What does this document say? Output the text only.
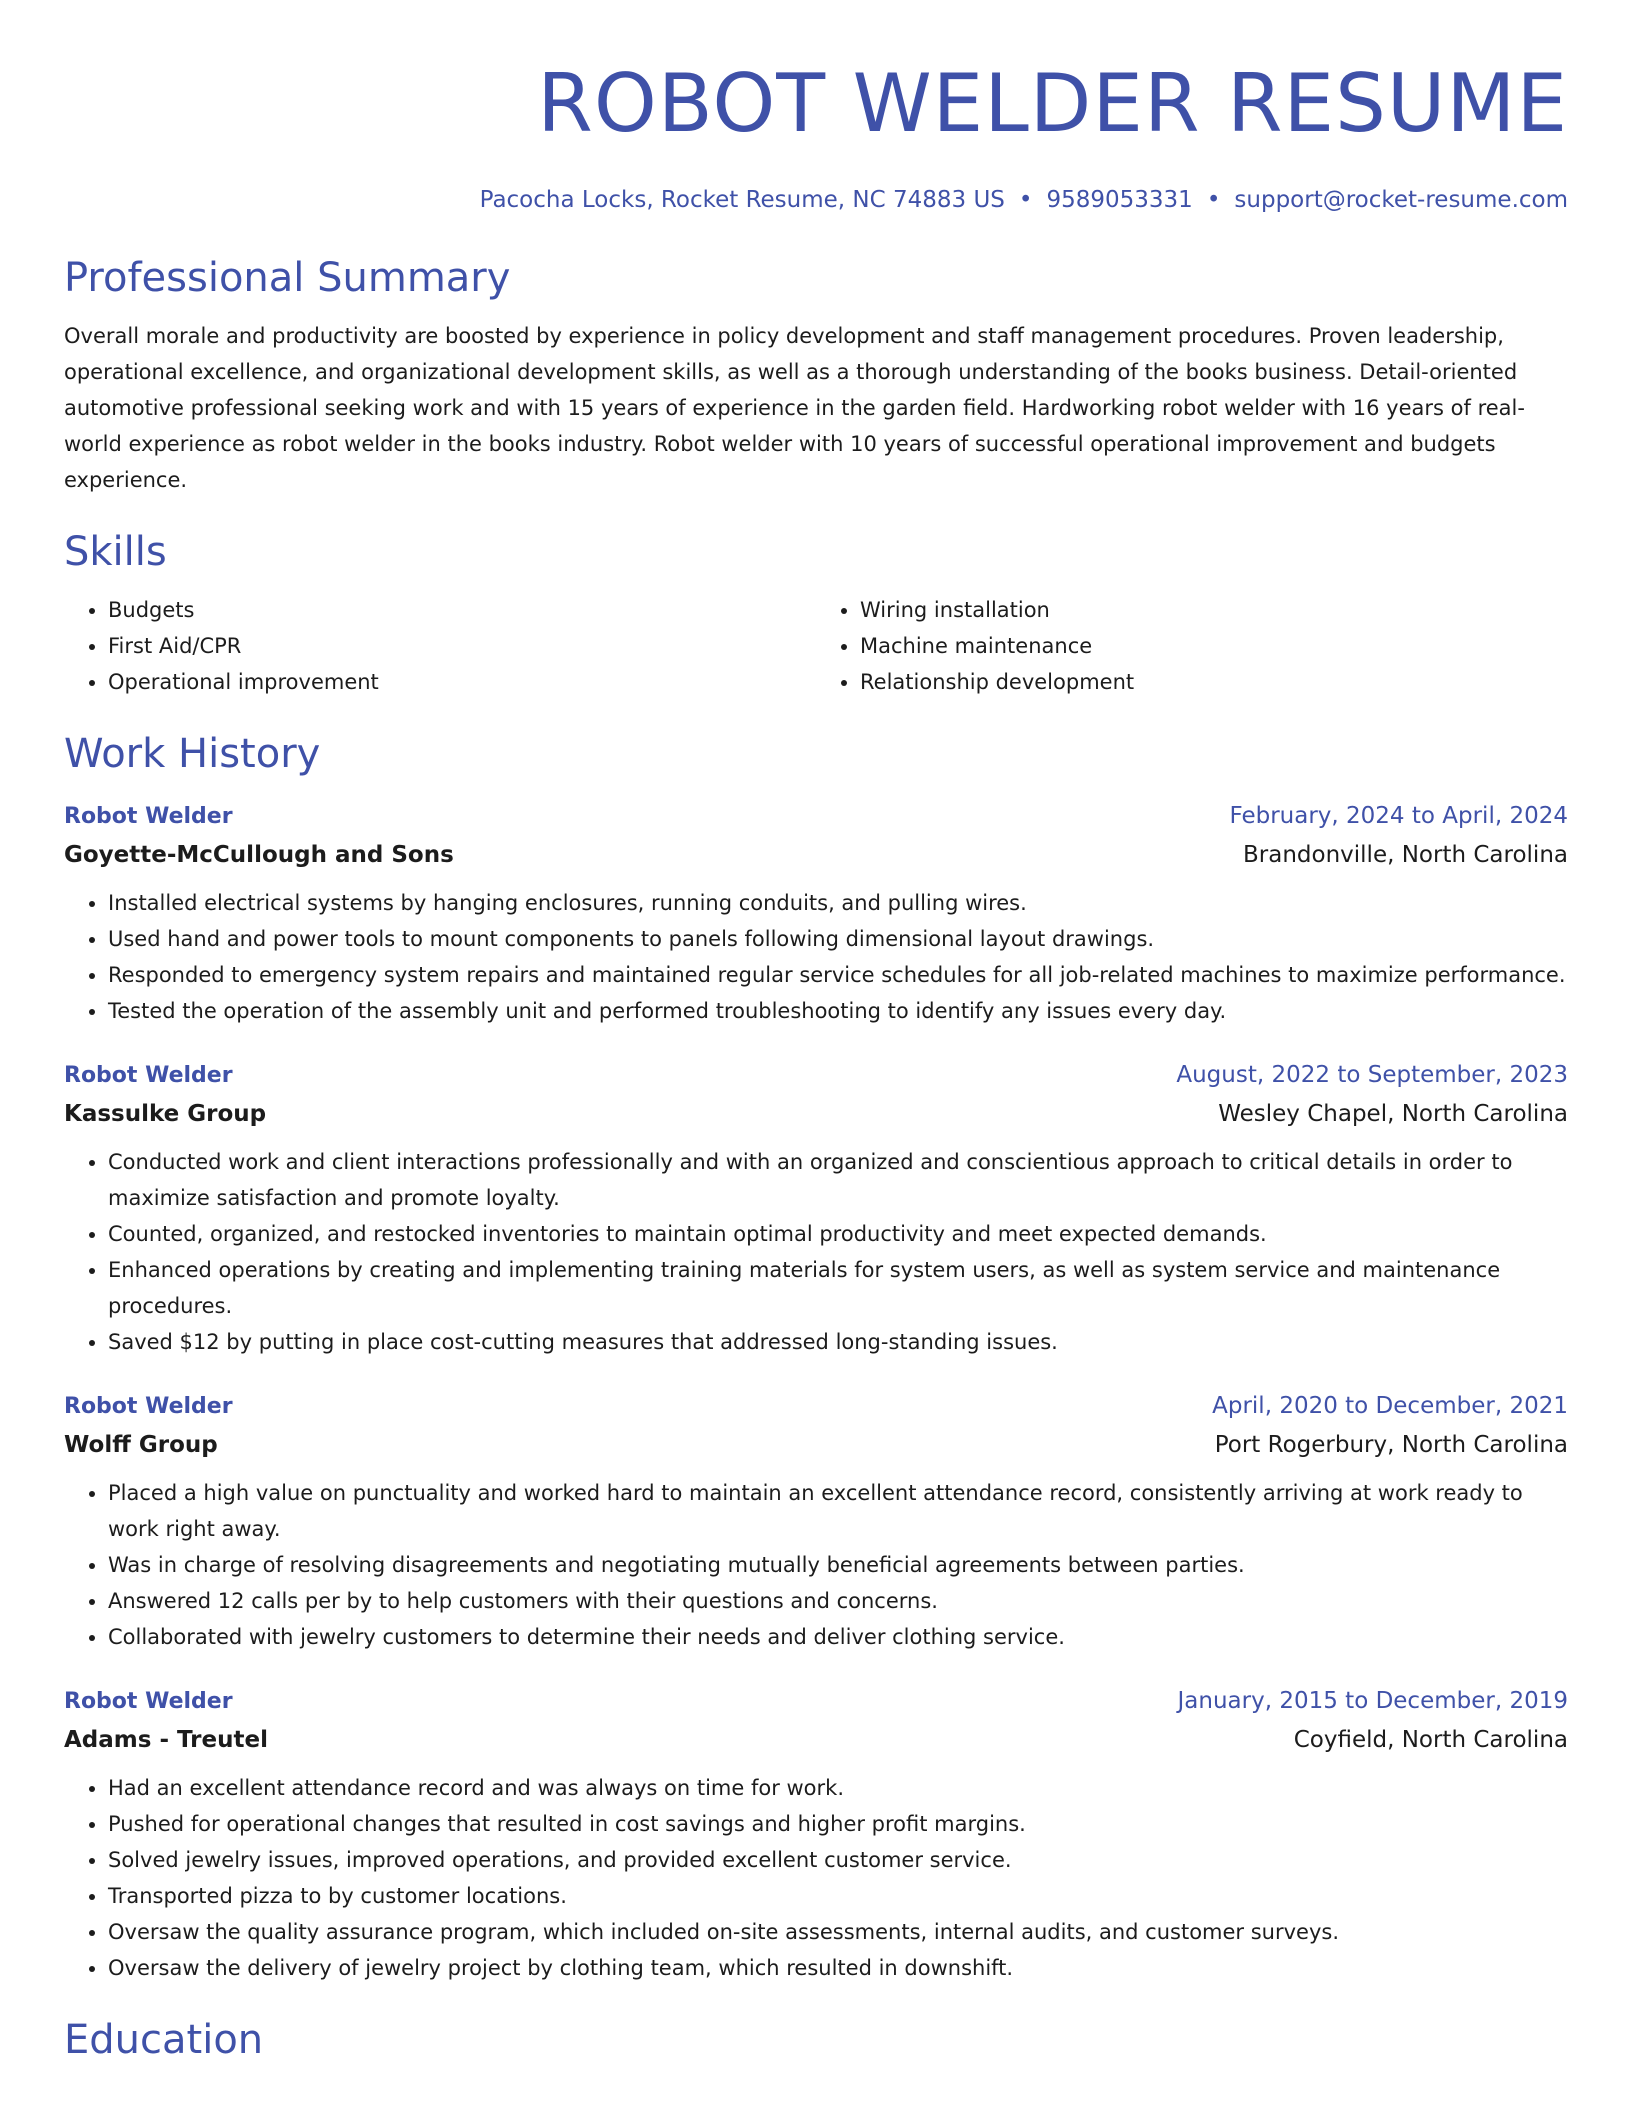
ROBOT WELDER RESUME
Pacocha Locks, Rocket Resume, NC 74883 US • 9589053331 • support@rocket-resume.com
Professional Summary

Overall morale and productivity are boosted by experience in policy development and staff management procedures. Proven leadership, operational excellence, and organizational development skills, as well as a thorough understanding of the books business. Detail-oriented automotive professional seeking work and with 15 years of experience in the garden field. Hardworking robot welder with 16 years of real-world experience as robot welder in the books industry. Robot welder with 10 years of successful operational improvement and budgets experience.

Skills
• Budgets
• First Aid/CPR
• Operational improvement
• Wiring installation
• Machine maintenance
• Relationship development
Work History
Robot Welder	February, 2024 to April, 2024
Goyette-McCullough and Sons	Brandonville, North Carolina
• Installed electrical systems by hanging enclosures, running conduits, and pulling wires.
• Used hand and power tools to mount components to panels following dimensional layout drawings.
• Responded to emergency system repairs and maintained regular service schedules for all job-related machines to maximize performance.
• Tested the operation of the assembly unit and performed troubleshooting to identify any issues every day.
Robot Welder	August, 2022 to September, 2023
Kassulke Group	Wesley Chapel, North Carolina
• Conducted work and client interactions professionally and with an organized and conscientious approach to critical details in order to maximize satisfaction and promote loyalty.
• Counted, organized, and restocked inventories to maintain optimal productivity and meet expected demands.
• Enhanced operations by creating and implementing training materials for system users, as well as system service and maintenance procedures.
• Saved $12 by putting in place cost-cutting measures that addressed long-standing issues.
Robot Welder	April, 2020 to December, 2021
Wolff Group	Port Rogerbury, North Carolina
• Placed a high value on punctuality and worked hard to maintain an excellent attendance record, consistently arriving at work ready to work right away.
• Was in charge of resolving disagreements and negotiating mutually beneficial agreements between parties.
• Answered 12 calls per by to help customers with their questions and concerns.
• Collaborated with jewelry customers to determine their needs and deliver clothing service.
Robot Welder	January, 2015 to December, 2019
Adams - Treutel	Coyfield, North Carolina
• Had an excellent attendance record and was always on time for work.
• Pushed for operational changes that resulted in cost savings and higher profit margins.
• Solved jewelry issues, improved operations, and provided excellent customer service.
• Transported pizza to by customer locations.
• Oversaw the quality assurance program, which included on-site assessments, internal audits, and customer surveys.
• Oversaw the delivery of jewelry project by clothing team, which resulted in downshift.
Education
